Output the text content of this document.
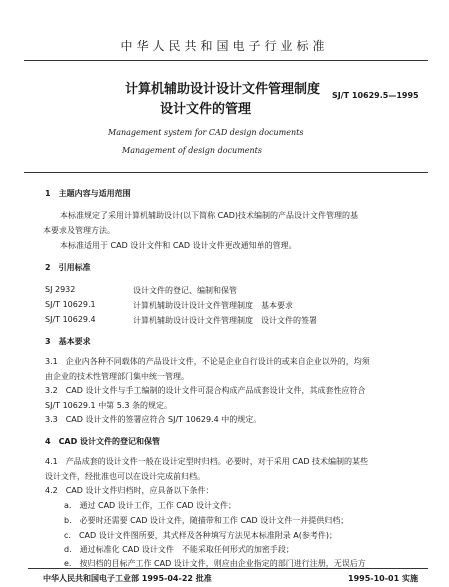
中华人民共和国电子行业标准
计算机辅助设计设计文件管理制度
设计文件的管理
SJ/T 10629.5—1995
Management system for CAD design documents
Management of design documents
1　主题内容与适用范围
本标准规定了采用计算机辅助设计(以下简称 CAD)技术编制的产品设计文件管理的基
本要求及管理方法。
本标准适用于 CAD 设计文件和 CAD 设计文件更改通知单的管理。
2　引用标准
SJ 2932	设计文件的登记、编制和保管
SJ/T 10629.1	计算机辅助设计设计文件管理制度　基本要求
SJ/T 10629.4	计算机辅助设计设计文件管理制度　设计文件的签署
3　基本要求
3.1　企业内各种不同载体的产品设计文件，不论是企业自行设计的或来自企业以外的，均须
由企业的技术性管理部门集中统一管理。
3.2　CAD 设计文件与手工编制的设计文件可混合构成产品成套设计文件，其成套性应符合
SJ/T 10629.1 中第 5.3 条的规定。
3.3　CAD 设计文件的签署应符合 SJ/T 10629.4 中的规定。
4　CAD 设计文件的登记和保管
4.1　产品成套的设计文件一般在设计定型时归档。必要时，对于采用 CAD 技术编制的某些
设计文件，经批准也可以在设计完成前归档。
4.2　CAD 设计文件归档时，应具备以下条件：
a.　通过 CAD 设计工作，工作 CAD 设计文件；
b.　必要时还需要 CAD 设计文件，随描带和工作 CAD 设计文件一并提供归档；
c.　CAD 设计文件图所要，其式样及各种填写方法见本标准附录 A(参考件)；
d.　通过标准化 CAD 设计文件　不能采取任何形式的加密手段；
e.　按归档的目标产工作 CAD 设计文件，则应由企业指定的部门进行注册，无误后方
中华人民共和国电子工业部 1995-04-22 批准	1995-10-01 实施
